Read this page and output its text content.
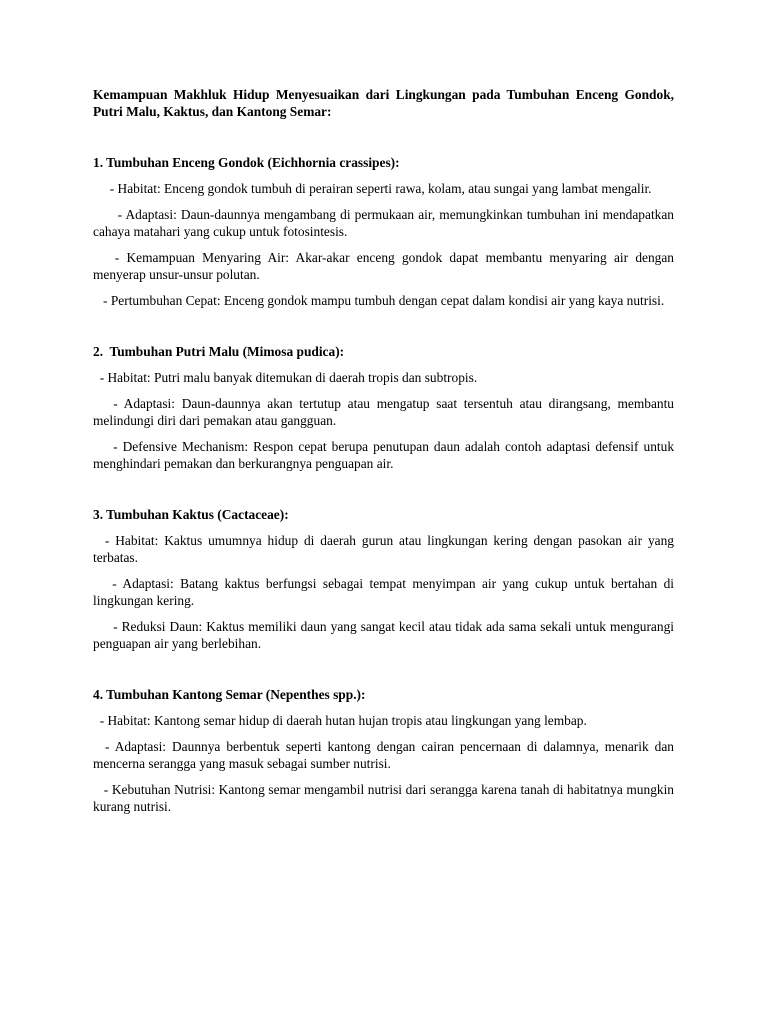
Kemampuan Makhluk Hidup Menyesuaikan dari Lingkungan pada Tumbuhan Enceng Gondok, Putri Malu, Kaktus, dan Kantong Semar:

1. Tumbuhan Enceng Gondok (Eichhornia crassipes):

- Habitat: Enceng gondok tumbuh di perairan seperti rawa, kolam, atau sungai yang lambat mengalir.

- Adaptasi: Daun-daunnya mengambang di permukaan air, memungkinkan tumbuhan ini mendapatkan cahaya matahari yang cukup untuk fotosintesis.

- Kemampuan Menyaring Air: Akar-akar enceng gondok dapat membantu menyaring air dengan menyerap unsur-unsur polutan.

- Pertumbuhan Cepat: Enceng gondok mampu tumbuh dengan cepat dalam kondisi air yang kaya nutrisi.

2.  Tumbuhan Putri Malu (Mimosa pudica):

- Habitat: Putri malu banyak ditemukan di daerah tropis dan subtropis.

- Adaptasi: Daun-daunnya akan tertutup atau mengatup saat tersentuh atau dirangsang, membantu melindungi diri dari pemakan atau gangguan.

- Defensive Mechanism: Respon cepat berupa penutupan daun adalah contoh adaptasi defensif untuk menghindari pemakan dan berkurangnya penguapan air.

3. Tumbuhan Kaktus (Cactaceae):

- Habitat: Kaktus umumnya hidup di daerah gurun atau lingkungan kering dengan pasokan air yang terbatas.

- Adaptasi: Batang kaktus berfungsi sebagai tempat menyimpan air yang cukup untuk bertahan di lingkungan kering.

- Reduksi Daun: Kaktus memiliki daun yang sangat kecil atau tidak ada sama sekali untuk mengurangi penguapan air yang berlebihan.

4. Tumbuhan Kantong Semar (Nepenthes spp.):

- Habitat: Kantong semar hidup di daerah hutan hujan tropis atau lingkungan yang lembap.

- Adaptasi: Daunnya berbentuk seperti kantong dengan cairan pencernaan di dalamnya, menarik dan mencerna serangga yang masuk sebagai sumber nutrisi.

- Kebutuhan Nutrisi: Kantong semar mengambil nutrisi dari serangga karena tanah di habitatnya mungkin kurang nutrisi.
